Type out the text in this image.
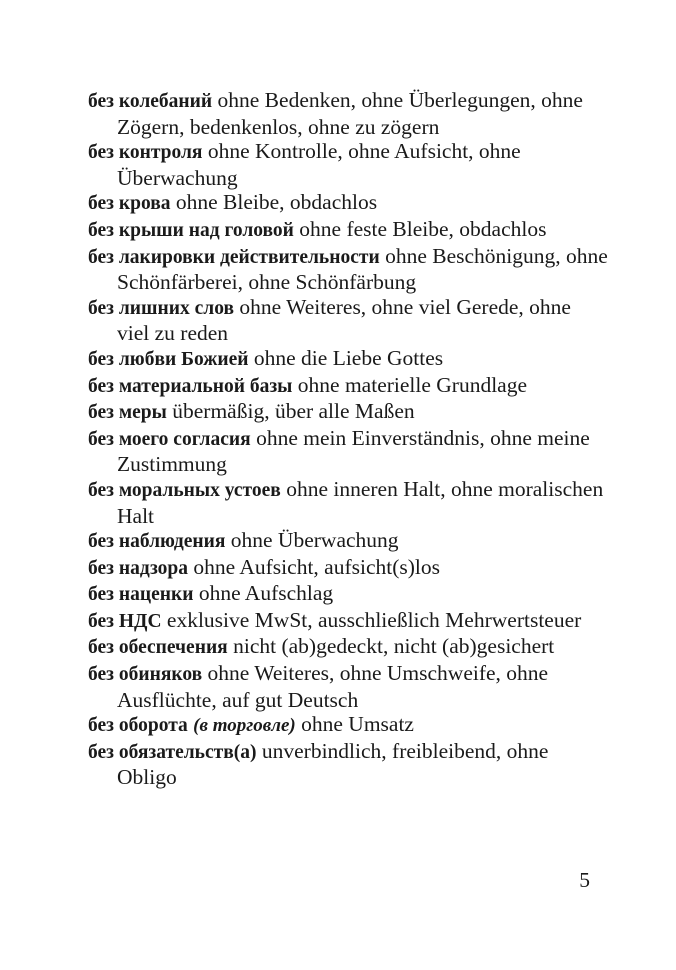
без колебаний ohne Bedenken, ohne Überlegungen, ohne Zögern, bedenkenlos, ohne zu zögern
без контроля ohne Kontrolle, ohne Aufsicht, ohne Überwachung
без крова ohne Bleibe, obdachlos
без крыши над головой ohne feste Bleibe, obdachlos
без лакировки действительности ohne Beschönigung, ohne Schönfärberei, ohne Schönfärbung
без лишних слов ohne Weiteres, ohne viel Gerede, ohne viel zu reden
без любви Божией ohne die Liebe Gottes
без материальной базы ohne materielle Grundlage
без меры übermäßig, über alle Maßen
без моего согласия ohne mein Einverständnis, ohne meine Zustimmung
без моральных устоев ohne inneren Halt, ohne moralischen Halt
без наблюдения ohne Überwachung
без надзора ohne Aufsicht, aufsicht(s)los
без наценки ohne Aufschlag
без НДС exklusive MwSt, ausschließlich Mehrwertsteuer
без обеспечения nicht (ab)gedeckt, nicht (ab)gesichert
без обиняков ohne Weiteres, ohne Umschweife, ohne Ausflüchte, auf gut Deutsch
без оборота (в торговле) ohne Umsatz
без обязательств(а) unverbindlich, freibleibend, ohne Obligo
5
